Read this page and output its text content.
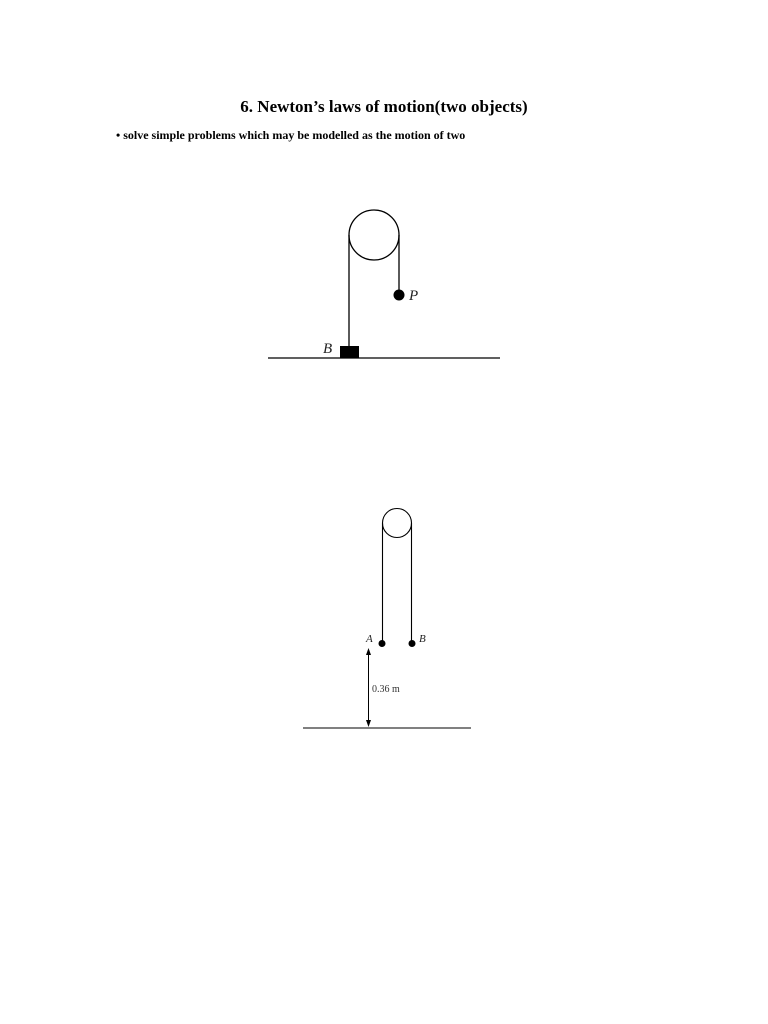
6. Newton’s laws of motion(two objects)

• solve simple problems which may be modelled as the motion of two

P
B
A	B
0.36 m
